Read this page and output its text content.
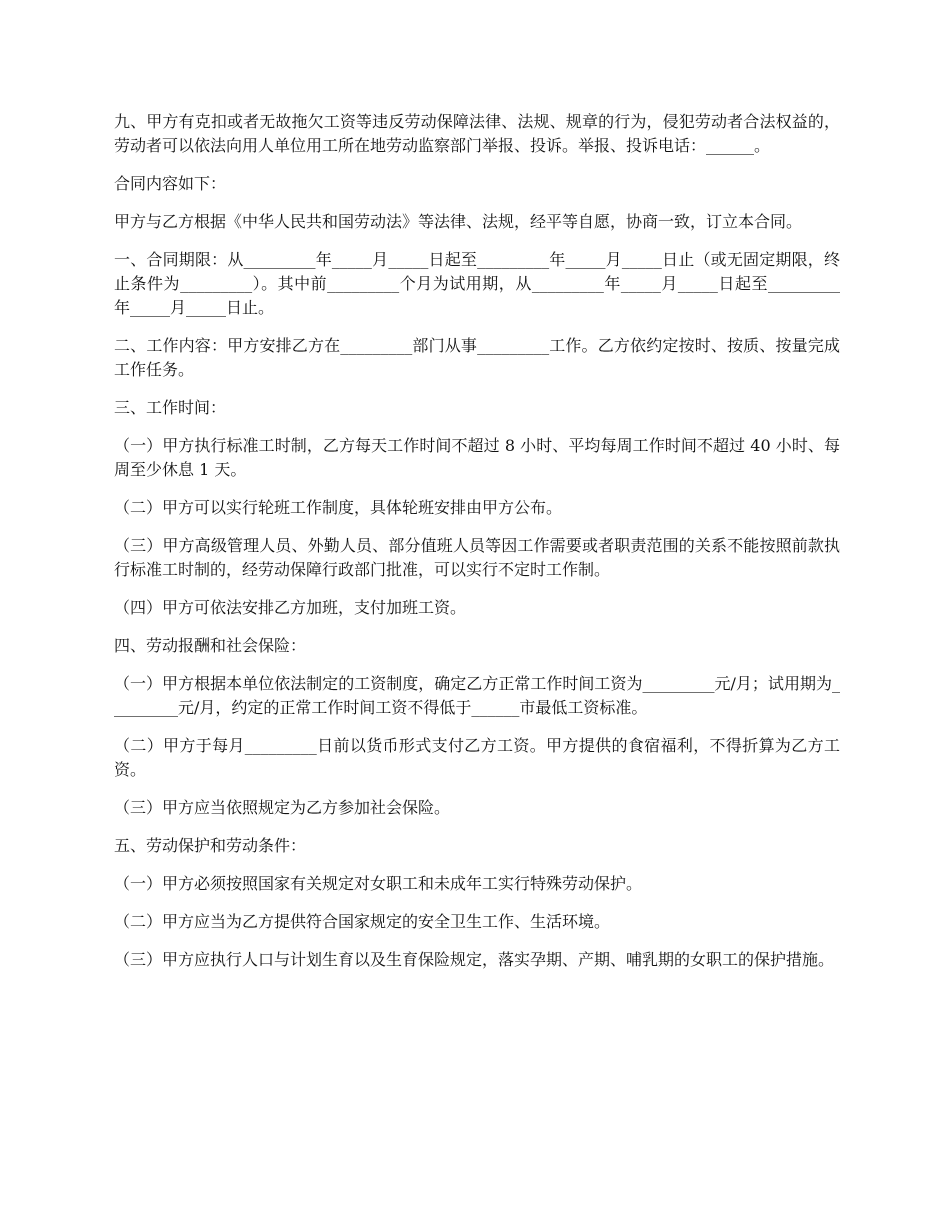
九、甲方有克扣或者无故拖欠工资等违反劳动保障法律、法规、规章的行为，侵犯劳动者合法权益的，劳动者可以依法向用人单位用工所在地劳动监察部门举报、投诉。举报、投诉电话：______。

合同内容如下：

甲方与乙方根据《中华人民共和国劳动法》等法律、法规，经平等自愿，协商一致，订立本合同。

一、合同期限：从_________年_____月_____日起至_________年_____月_____日止（或无固定期限，终止条件为_________）。其中前_________个月为试用期，从_________年_____月_____日起至_________年_____月_____日止。

二、工作内容：甲方安排乙方在_________部门从事_________工作。乙方依约定按时、按质、按量完成工作任务。

三、工作时间：

（一）甲方执行标准工时制，乙方每天工作时间不超过 8 小时、平均每周工作时间不超过 40 小时、每周至少休息 1 天。

（二）甲方可以实行轮班工作制度，具体轮班安排由甲方公布。

（三）甲方高级管理人员、外勤人员、部分值班人员等因工作需要或者职责范围的关系不能按照前款执行标准工时制的，经劳动保障行政部门批准，可以实行不定时工作制。

（四）甲方可依法安排乙方加班，支付加班工资。

四、劳动报酬和社会保险：

（一）甲方根据本单位依法制定的工资制度，确定乙方正常工作时间工资为_________元/月；试用期为_________元/月，约定的正常工作时间工资不得低于______市最低工资标准。

（二）甲方于每月_________日前以货币形式支付乙方工资。甲方提供的食宿福利，不得折算为乙方工资。

（三）甲方应当依照规定为乙方参加社会保险。

五、劳动保护和劳动条件：

（一）甲方必须按照国家有关规定对女职工和未成年工实行特殊劳动保护。

（二）甲方应当为乙方提供符合国家规定的安全卫生工作、生活环境。

（三）甲方应执行人口与计划生育以及生育保险规定，落实孕期、产期、哺乳期的女职工的保护措施。
